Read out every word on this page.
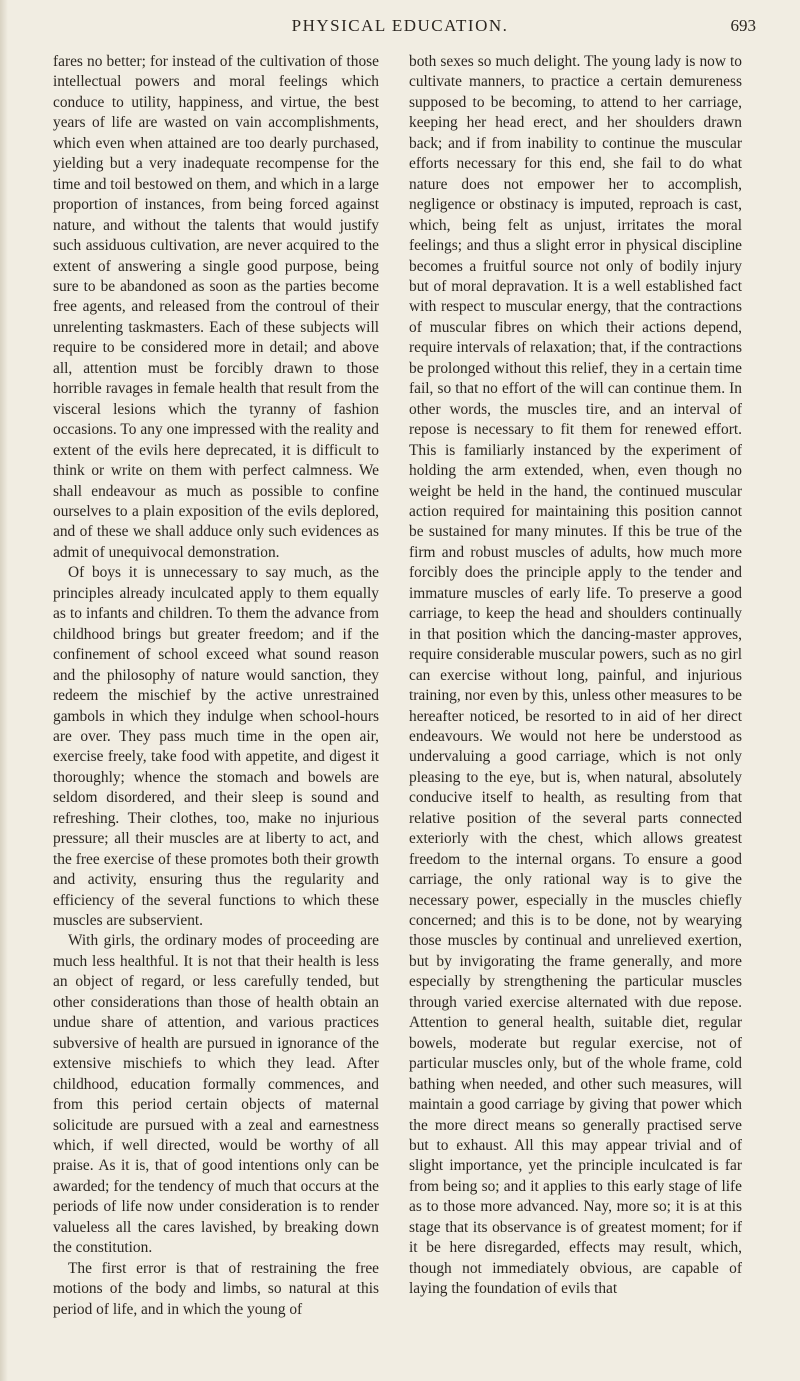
PHYSICAL EDUCATION.	693

fares no better; for instead of the cultivation of those intellectual powers and moral feelings which conduce to utility, happiness, and virtue, the best years of life are wasted on vain accomplishments, which even when attained are too dearly purchased, yielding but a very inadequate recompense for the time and toil bestowed on them, and which in a large proportion of instances, from being forced against nature, and without the talents that would justify such assiduous cultivation, are never acquired to the extent of answering a single good purpose, being sure to be abandoned as soon as the parties become free agents, and released from the controul of their unrelenting taskmasters. Each of these subjects will require to be considered more in detail; and above all, attention must be forcibly drawn to those horrible ravages in female health that result from the visceral lesions which the tyranny of fashion occasions. To any one impressed with the reality and extent of the evils here deprecated, it is difficult to think or write on them with perfect calmness. We shall endeavour as much as possible to confine ourselves to a plain exposition of the evils deplored, and of these we shall adduce only such evidences as admit of unequivocal demonstration.

Of boys it is unnecessary to say much, as the principles already inculcated apply to them equally as to infants and children. To them the advance from childhood brings but greater freedom; and if the confinement of school exceed what sound reason and the philosophy of nature would sanction, they redeem the mischief by the active unrestrained gambols in which they indulge when school-hours are over. They pass much time in the open air, exercise freely, take food with appetite, and digest it thoroughly; whence the stomach and bowels are seldom disordered, and their sleep is sound and refreshing. Their clothes, too, make no injurious pressure; all their muscles are at liberty to act, and the free exercise of these promotes both their growth and activity, ensuring thus the regularity and efficiency of the several functions to which these muscles are subservient.

With girls, the ordinary modes of proceeding are much less healthful. It is not that their health is less an object of regard, or less carefully tended, but other considerations than those of health obtain an undue share of attention, and various practices subversive of health are pursued in ignorance of the extensive mischiefs to which they lead. After childhood, education formally commences, and from this period certain objects of maternal solicitude are pursued with a zeal and earnestness which, if well directed, would be worthy of all praise. As it is, that of good intentions only can be awarded; for the tendency of much that occurs at the periods of life now under consideration is to render valueless all the cares lavished, by breaking down the constitution.

The first error is that of restraining the free motions of the body and limbs, so natural at this period of life, and in which the young of

both sexes so much delight. The young lady is now to cultivate manners, to practice a certain demureness supposed to be becoming, to attend to her carriage, keeping her head erect, and her shoulders drawn back; and if from inability to continue the muscular efforts necessary for this end, she fail to do what nature does not empower her to accomplish, negligence or obstinacy is imputed, reproach is cast, which, being felt as unjust, irritates the moral feelings; and thus a slight error in physical discipline becomes a fruitful source not only of bodily injury but of moral depravation. It is a well established fact with respect to muscular energy, that the contractions of muscular fibres on which their actions depend, require intervals of relaxation; that, if the contractions be prolonged without this relief, they in a certain time fail, so that no effort of the will can continue them. In other words, the muscles tire, and an interval of repose is necessary to fit them for renewed effort. This is familiarly instanced by the experiment of holding the arm extended, when, even though no weight be held in the hand, the continued muscular action required for maintaining this position cannot be sustained for many minutes. If this be true of the firm and robust muscles of adults, how much more forcibly does the principle apply to the tender and immature muscles of early life. To preserve a good carriage, to keep the head and shoulders continually in that position which the dancing-master approves, require considerable muscular powers, such as no girl can exercise without long, painful, and injurious training, nor even by this, unless other measures to be hereafter noticed, be resorted to in aid of her direct endeavours. We would not here be understood as undervaluing a good carriage, which is not only pleasing to the eye, but is, when natural, absolutely conducive itself to health, as resulting from that relative position of the several parts connected exteriorly with the chest, which allows greatest freedom to the internal organs. To ensure a good carriage, the only rational way is to give the necessary power, especially in the muscles chiefly concerned; and this is to be done, not by wearying those muscles by continual and unrelieved exertion, but by invigorating the frame generally, and more especially by strengthening the particular muscles through varied exercise alternated with due repose. Attention to general health, suitable diet, regular bowels, moderate but regular exercise, not of particular muscles only, but of the whole frame, cold bathing when needed, and other such measures, will maintain a good carriage by giving that power which the more direct means so generally practised serve but to exhaust. All this may appear trivial and of slight importance, yet the principle inculcated is far from being so; and it applies to this early stage of life as to those more advanced. Nay, more so; it is at this stage that its observance is of greatest moment; for if it be here disregarded, effects may result, which, though not immediately obvious, are capable of laying the foundation of evils that
